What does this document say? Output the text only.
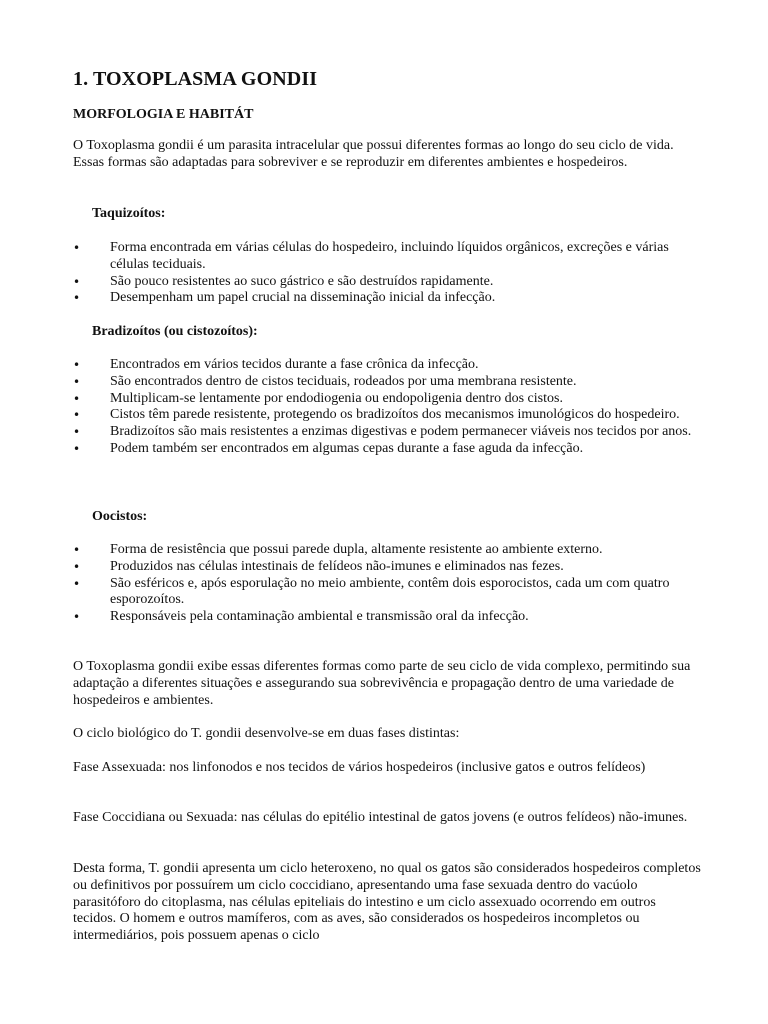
1. TOXOPLASMA GONDII
MORFOLOGIA E HABITÁT

O Toxoplasma gondii é um parasita intracelular que possui diferentes formas ao longo do seu ciclo de vida. Essas formas são adaptadas para sobreviver e se reproduzir em diferentes ambientes e hospedeiros.

Taquizoítos:

• Forma encontrada em várias células do hospedeiro, incluindo líquidos orgânicos, excreções e várias células teciduais.
• São pouco resistentes ao suco gástrico e são destruídos rapidamente.
• Desempenham um papel crucial na disseminação inicial da infecção.

Bradizoítos (ou cistozoítos):

• Encontrados em vários tecidos durante a fase crônica da infecção.
• São encontrados dentro de cistos teciduais, rodeados por uma membrana resistente.
• Multiplicam-se lentamente por endodiogenia ou endopoligenia dentro dos cistos.
• Cistos têm parede resistente, protegendo os bradizoítos dos mecanismos imunológicos do hospedeiro.
• Bradizoítos são mais resistentes a enzimas digestivas e podem permanecer viáveis nos tecidos por anos.
• Podem também ser encontrados em algumas cepas durante a fase aguda da infecção.

Oocistos:

• Forma de resistência que possui parede dupla, altamente resistente ao ambiente externo.
• Produzidos nas células intestinais de felídeos não-imunes e eliminados nas fezes.
• São esféricos e, após esporulação no meio ambiente, contêm dois esporocistos, cada um com quatro esporozoítos.
• Responsáveis pela contaminação ambiental e transmissão oral da infecção.

O Toxoplasma gondii exibe essas diferentes formas como parte de seu ciclo de vida complexo, permitindo sua adaptação a diferentes situações e assegurando sua sobrevivência e propagação dentro de uma variedade de hospedeiros e ambientes.

O ciclo biológico do T. gondii desenvolve-se em duas fases distintas:

Fase Assexuada: nos linfonodos e nos tecidos de vários hospedeiros (inclusive gatos e outros felídeos)

Fase Coccidiana ou Sexuada: nas células do epitélio intestinal de gatos jovens (e outros felídeos) não-imunes.

Desta forma, T. gondii apresenta um ciclo heteroxeno, no qual os gatos são considerados hospedeiros completos ou definitivos por possuírem um ciclo coccidiano, apresentando uma fase sexuada dentro do vacúolo parasitóforo do citoplasma, nas células epiteliais do intestino e um ciclo assexuado ocorrendo em outros tecidos. O homem e outros mamíferos, com as aves, são considerados os hospedeiros incompletos ou intermediários, pois possuem apenas o ciclo
